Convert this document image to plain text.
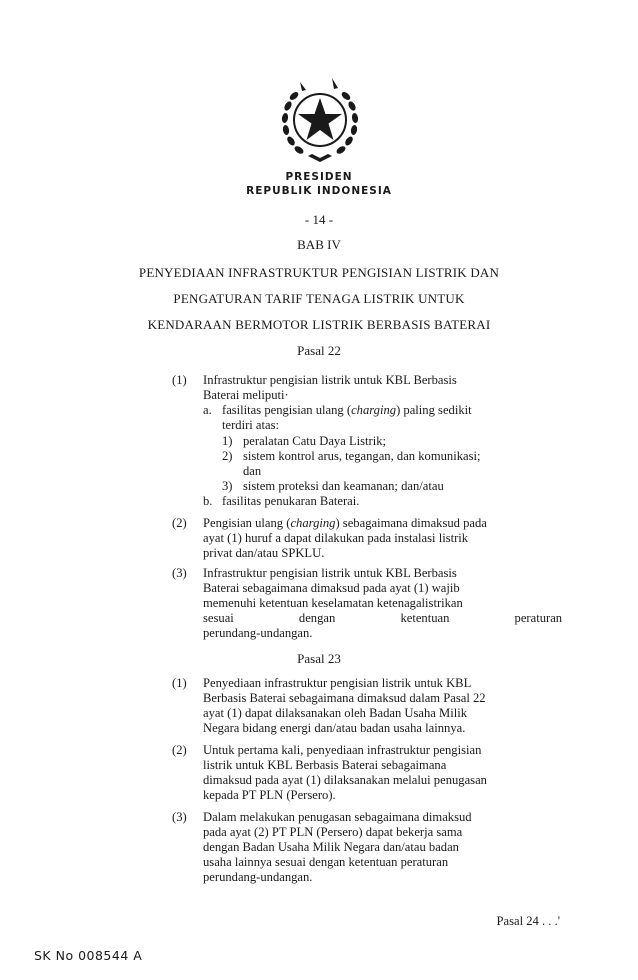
PRESIDEN
REPUBLIK INDONESIA
- 14 -
BAB IV
PENYEDIAAN INFRASTRUKTUR PENGISIAN LISTRIK DAN
PENGATURAN TARIF TENAGA LISTRIK UNTUK
KENDARAAN BERMOTOR LISTRIK BERBASIS BATERAI
Pasal 22
(1) Infrastruktur pengisian listrik untuk KBL Berbasis
Baterai meliputi·
a. fasilitas pengisian ulang (charging) paling sedikit
terdiri atas:
1) peralatan Catu Daya Listrik;
2) sistem kontrol arus, tegangan, dan komunikasi;
dan
3) sistem proteksi dan keamanan; dan/atau
b. fasilitas penukaran Baterai.
(2) Pengisian ulang (charging) sebagaimana dimaksud pada
ayat (1) huruf a dapat dilakukan pada instalasi listrik
privat dan/atau SPKLU.
(3) Infrastruktur pengisian listrik untuk KBL Berbasis
Baterai sebagaimana dimaksud pada ayat (1) wajib
memenuhi ketentuan keselamatan ketenagalistrikan
sesuai dengan ketentuan peraturan
perundang-undangan.
Pasal 23
(1) Penyediaan infrastruktur pengisian listrik untuk KBL
Berbasis Baterai sebagaimana dimaksud dalam Pasal 22
ayat (1) dapat dilaksanakan oleh Badan Usaha Milik
Negara bidang energi dan/atau badan usaha lainnya.
(2) Untuk pertama kali, penyediaan infrastruktur pengisian
listrik untuk KBL Berbasis Baterai sebagaimana
dimaksud pada ayat (1) dilaksanakan melalui penugasan
kepada PT PLN (Persero).
(3) Dalam melakukan penugasan sebagaimana dimaksud
pada ayat (2) PT PLN (Persero) dapat bekerja sama
dengan Badan Usaha Milik Negara dan/atau badan
usaha lainnya sesuai dengan ketentuan peraturan
perundang-undangan.
Pasal 24 . . .'
SK No 008544 A
